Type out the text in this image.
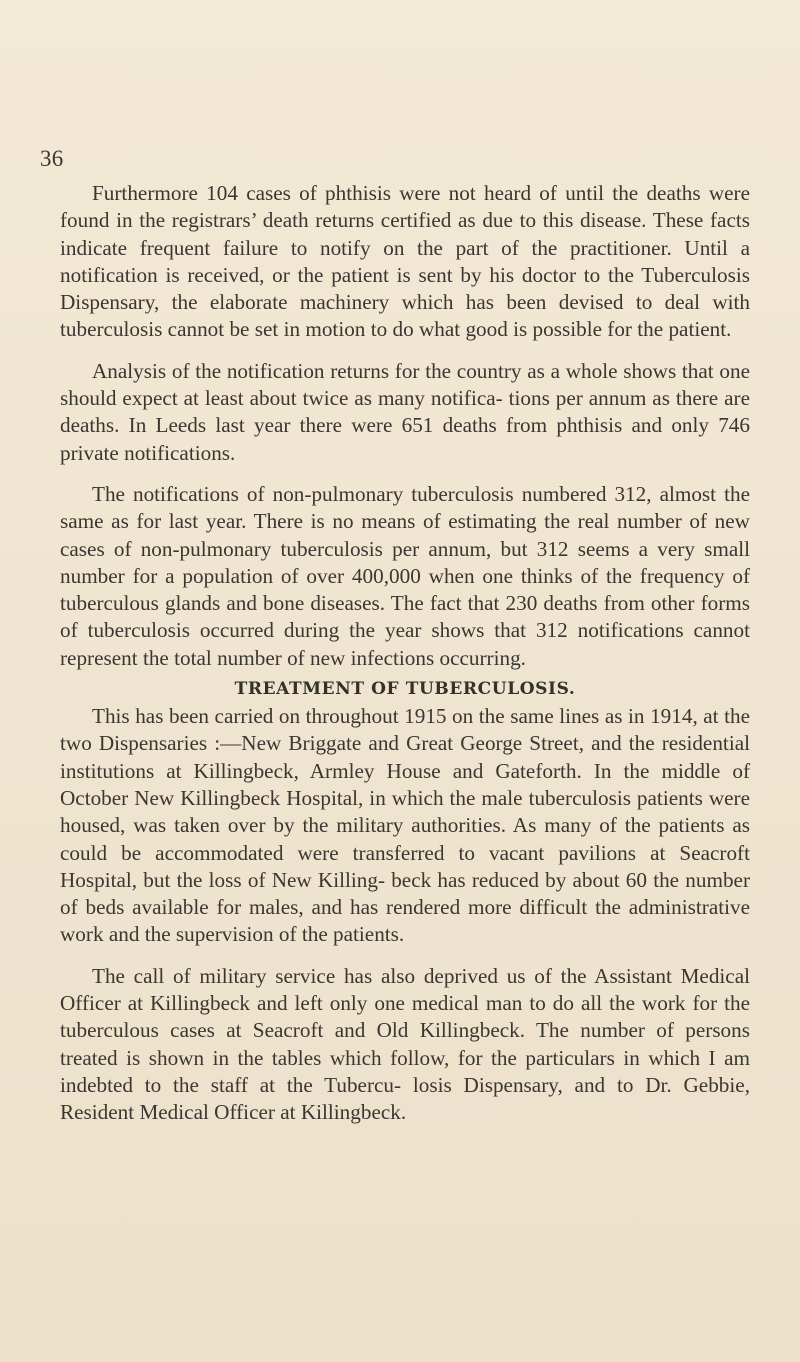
36

Furthermore 104 cases of phthisis were not heard of until the deaths were found in the registrars’ death returns certified as due to this disease. These facts indicate frequent failure to notify on the part of the practitioner. Until a notification is received, or the patient is sent by his doctor to the Tuberculosis Dispensary, the elaborate machinery which has been devised to deal with tuberculosis cannot be set in motion to do what good is possible for the patient.

Analysis of the notification returns for the country as a whole shows that one should expect at least about twice as many notifica- tions per annum as there are deaths. In Leeds last year there were 651 deaths from phthisis and only 746 private notifications.

The notifications of non-pulmonary tuberculosis numbered 312, almost the same as for last year. There is no means of estimating the real number of new cases of non-pulmonary tuberculosis per annum, but 312 seems a very small number for a population of over 400,000 when one thinks of the frequency of tuberculous glands and bone diseases. The fact that 230 deaths from other forms of tuberculosis occurred during the year shows that 312 notifications cannot represent the total number of new infections occurring.

TREATMENT OF TUBERCULOSIS.

This has been carried on throughout 1915 on the same lines as in 1914, at the two Dispensaries :—New Briggate and Great George Street, and the residential institutions at Killingbeck, Armley House and Gateforth. In the middle of October New Killingbeck Hospital, in which the male tuberculosis patients were housed, was taken over by the military authorities. As many of the patients as could be accommodated were transferred to vacant pavilions at Seacroft Hospital, but the loss of New Killing- beck has reduced by about 60 the number of beds available for males, and has rendered more difficult the administrative work and the supervision of the patients.

The call of military service has also deprived us of the Assistant Medical Officer at Killingbeck and left only one medical man to do all the work for the tuberculous cases at Seacroft and Old Killingbeck. The number of persons treated is shown in the tables which follow, for the particulars in which I am indebted to the staff at the Tubercu- losis Dispensary, and to Dr. Gebbie, Resident Medical Officer at Killingbeck.
